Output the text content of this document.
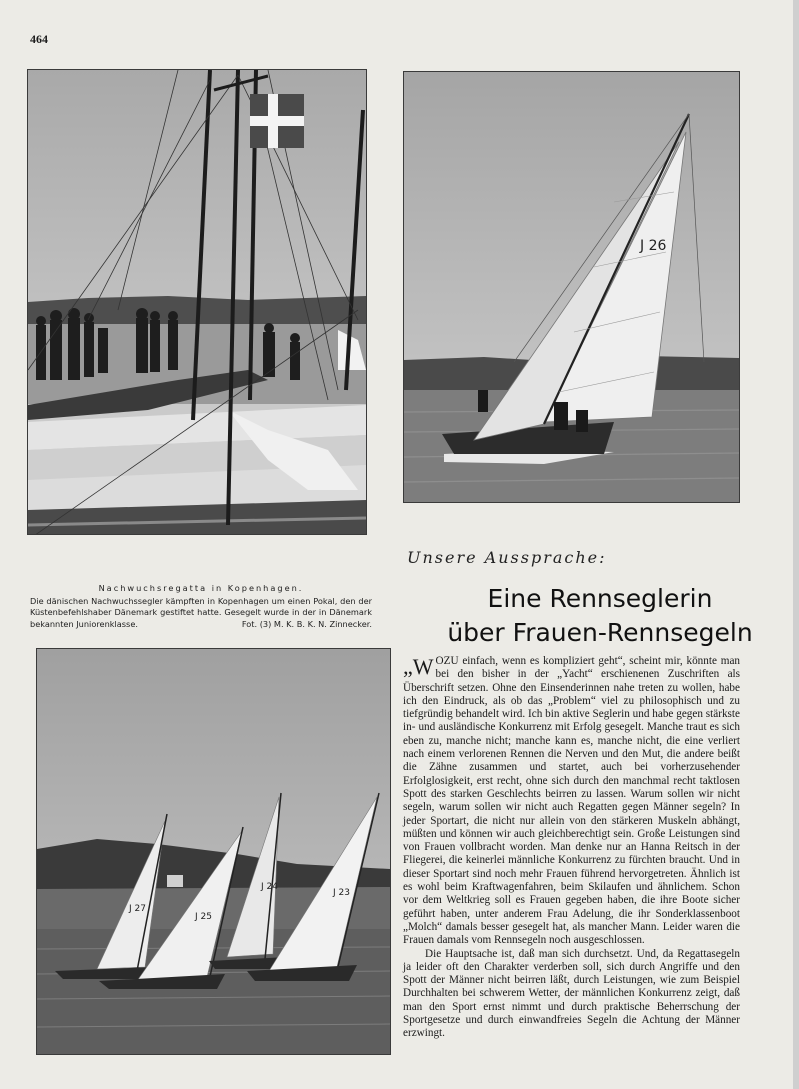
464
J 26
J 27
J 25
J 24
J 23
Nachwuchsregatta in Kopenhagen.
Die dänischen Nachwuchssegler kämpften in Kopenhagen um einen Pokal, den der Küstenbefehlshaber Dänemark gestiftet hatte. Gesegelt wurde in der in Dänemark bekannten Juniorenklasse.	Fot. (3) M. K. B. K. N. Zinnecker.
Unsere Aussprache:
Eine Rennseglerin
über Frauen-Rennsegeln

„WOZU einfach, wenn es kompliziert geht“, scheint mir, könnte man bei den bisher in der „Yacht“ erschienenen Zuschriften als Überschrift setzen. Ohne den Einsenderinnen nahe treten zu wollen, habe ich den Eindruck, als ob das „Problem“ viel zu philosophisch und zu tiefgründig behandelt wird. Ich bin aktive Seglerin und habe gegen stärkste in- und ausländische Konkurrenz mit Erfolg gesegelt. Manche traut es sich eben zu, manche nicht; manche kann es, manche nicht, die eine verliert nach einem verlorenen Rennen die Nerven und den Mut, die andere beißt die Zähne zusammen und startet, auch bei vorherzusehender Erfolglosigkeit, erst recht, ohne sich durch den manchmal recht taktlosen Spott des starken Geschlechts beirren zu lassen. Warum sollen wir nicht segeln, warum sollen wir nicht auch Regatten gegen Männer segeln? In jeder Sportart, die nicht nur allein von den stärkeren Muskeln abhängt, müßten und können wir auch gleichberechtigt sein. Große Leistungen sind von Frauen vollbracht worden. Man denke nur an Hanna Reitsch in der Fliegerei, die keinerlei männliche Konkurrenz zu fürchten braucht. Und in dieser Sportart sind noch mehr Frauen führend hervorgetreten. Ähnlich ist es wohl beim Kraftwagenfahren, beim Skilaufen und ähnlichem. Schon vor dem Weltkrieg soll es Frauen gegeben haben, die ihre Boote sicher geführt haben, unter anderem Frau Adelung, die ihr Sonderklassenboot „Molch“ damals besser gesegelt hat, als mancher Mann. Leider waren die Frauen damals vom Rennsegeln noch ausgeschlossen.

Die Hauptsache ist, daß man sich durchsetzt. Und, da Regattasegeln ja leider oft den Charakter verderben soll, sich durch Angriffe und den Spott der Männer nicht beirren läßt, durch Leistungen, wie zum Beispiel Durchhalten bei schwerem Wetter, der männlichen Konkurrenz zeigt, daß man den Sport ernst nimmt und durch praktische Beherrschung der Sportgesetze und durch einwandfreies Segeln die Achtung der Männer erzwingt.
